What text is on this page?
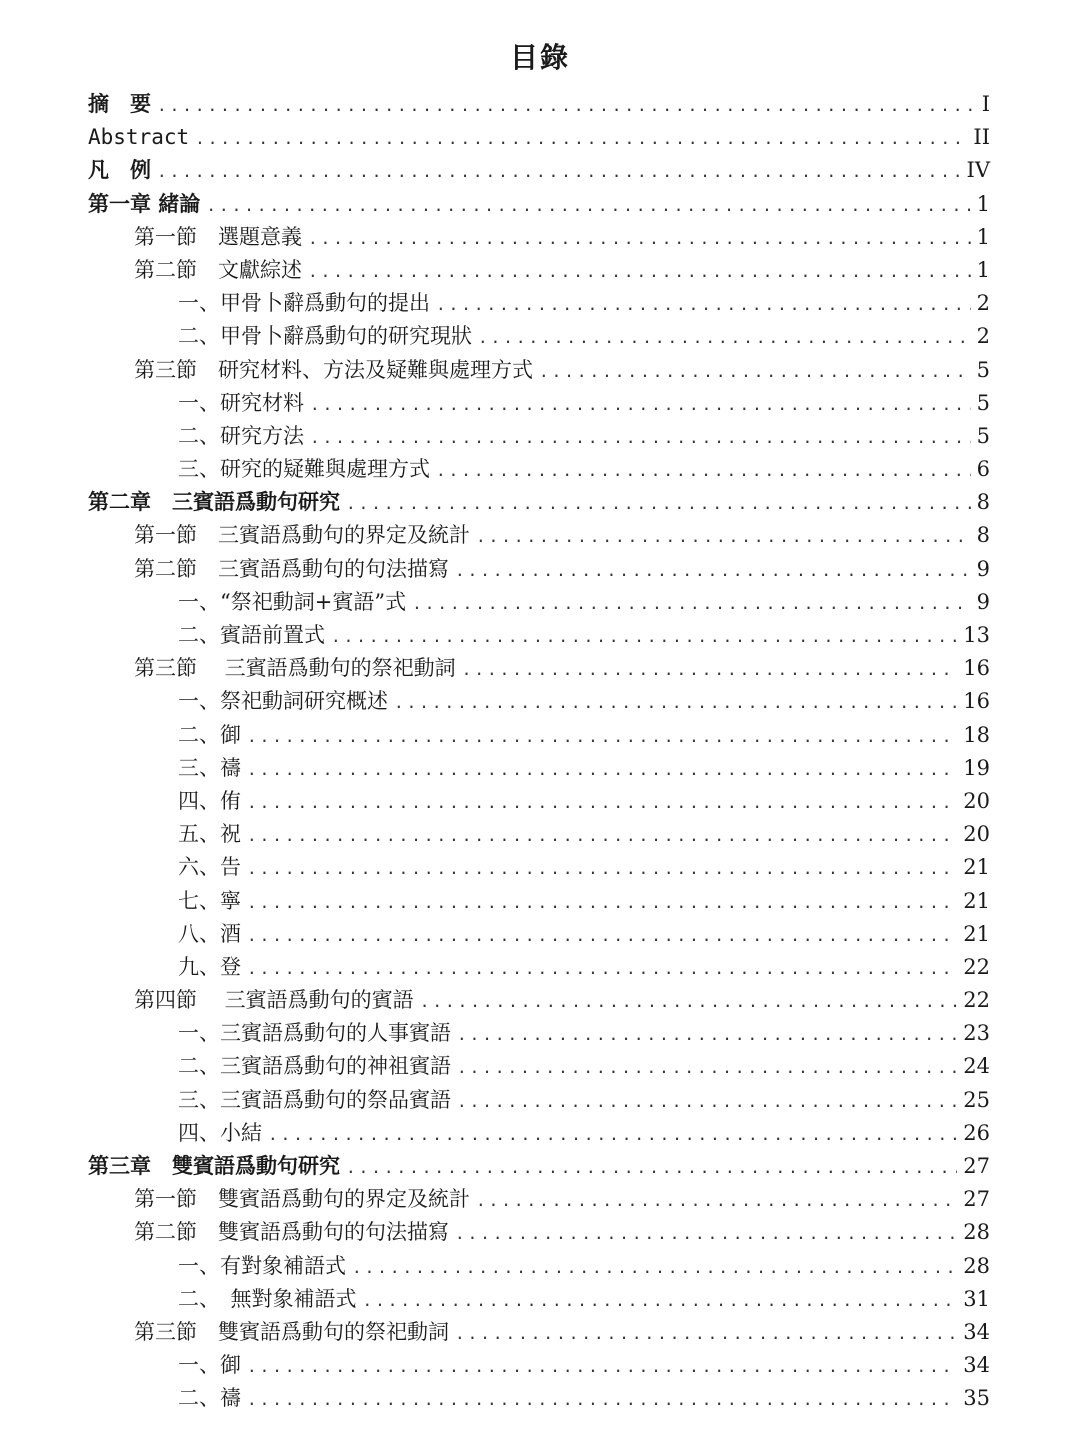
目錄
摘　要 .....	I
Abstract .....	II
凡　例 .....	IV
第一章 緒論 .....	1
第一節　選題意義 .....	1
第二節　文獻綜述 .....	1
一、甲骨卜辭爲動句的提出 .....	2
二、甲骨卜辭爲動句的研究現狀 .....	2
第三節　研究材料、方法及疑難與處理方式 .....	5
一、研究材料 .....	5
二、研究方法 .....	5
三、研究的疑難與處理方式 .....	6
第二章　三賓語爲動句研究 .....	8
第一節　三賓語爲動句的界定及統計 .....	8
第二節　三賓語爲動句的句法描寫 .....	9
一、“祭祀動詞+賓語”式 .....	9
二、賓語前置式 .....	13
第三節　 三賓語爲動句的祭祀動詞 .....	16
一、祭祀動詞研究概述 .....	16
二、御 .....	18
三、禱 .....	19
四、侑 .....	20
五、祝 .....	20
六、告 .....	21
七、寧 .....	21
八、酒 .....	21
九、登 .....	22
第四節　 三賓語爲動句的賓語 .....	22
一、三賓語爲動句的人事賓語 .....	23
二、三賓語爲動句的神祖賓語 .....	24
三、三賓語爲動句的祭品賓語 .....	25
四、小結 .....	26
第三章　雙賓語爲動句研究 .....	27
第一節　雙賓語爲動句的界定及統計 .....	27
第二節　雙賓語爲動句的句法描寫 .....	28
一、有對象補語式 .....	28
二、　無對象補語式 .....	31
第三節　雙賓語爲動句的祭祀動詞 .....	34
一、御 .....	34
二、禱 .....	35
